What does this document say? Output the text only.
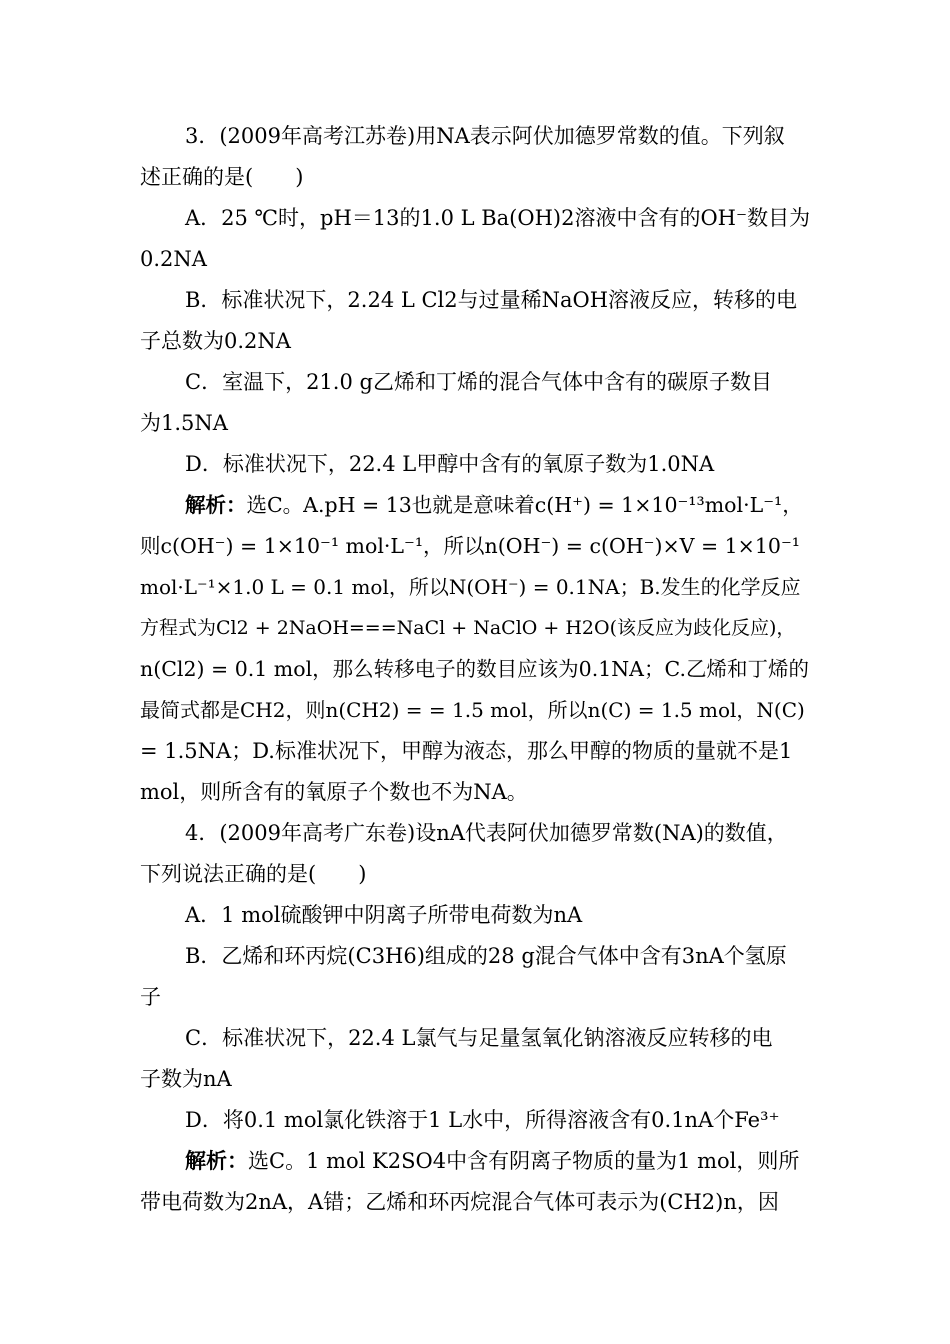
3．(2009年高考江苏卷)用NA表示阿伏加德罗常数的值。下列叙
述正确的是(　　)
A．25 ℃时，pH＝13的1.0 L Ba(OH)2溶液中含有的OH⁻数目为
0.2NA
B．标准状况下，2.24 L Cl2与过量稀NaOH溶液反应，转移的电
子总数为0.2NA
C．室温下，21.0 g乙烯和丁烯的混合气体中含有的碳原子数目
为1.5NA
D．标准状况下，22.4 L甲醇中含有的氧原子数为1.0NA
解析：选C。A.pH = 13也就是意味着c(H⁺) = 1×10⁻¹³mol·L⁻¹，
则c(OH⁻) = 1×10⁻¹ mol·L⁻¹，所以n(OH⁻) = c(OH⁻)×V = 1×10⁻¹
mol·L⁻¹×1.0 L = 0.1 mol，所以N(OH⁻) = 0.1NA；B.发生的化学反应
方程式为Cl2 + 2NaOH===NaCl + NaClO + H2O(该反应为歧化反应)，
n(Cl2) = 0.1 mol，那么转移电子的数目应该为0.1NA；C.乙烯和丁烯的
最简式都是CH2，则n(CH2) = = 1.5 mol，所以n(C) = 1.5 mol，N(C)
= 1.5NA；D.标准状况下，甲醇为液态，那么甲醇的物质的量就不是1
mol，则所含有的氧原子个数也不为NA。
4．(2009年高考广东卷)设nA代表阿伏加德罗常数(NA)的数值，
下列说法正确的是(　　)
A．1 mol硫酸钾中阴离子所带电荷数为nA
B．乙烯和环丙烷(C3H6)组成的28 g混合气体中含有3nA个氢原
子
C．标准状况下，22.4 L氯气与足量氢氧化钠溶液反应转移的电
子数为nA
D．将0.1 mol氯化铁溶于1 L水中，所得溶液含有0.1nA个Fe³⁺
解析：选C。1 mol K2SO4中含有阴离子物质的量为1 mol，则所
带电荷数为2nA，A错；乙烯和环丙烷混合气体可表示为(CH2)n，因
